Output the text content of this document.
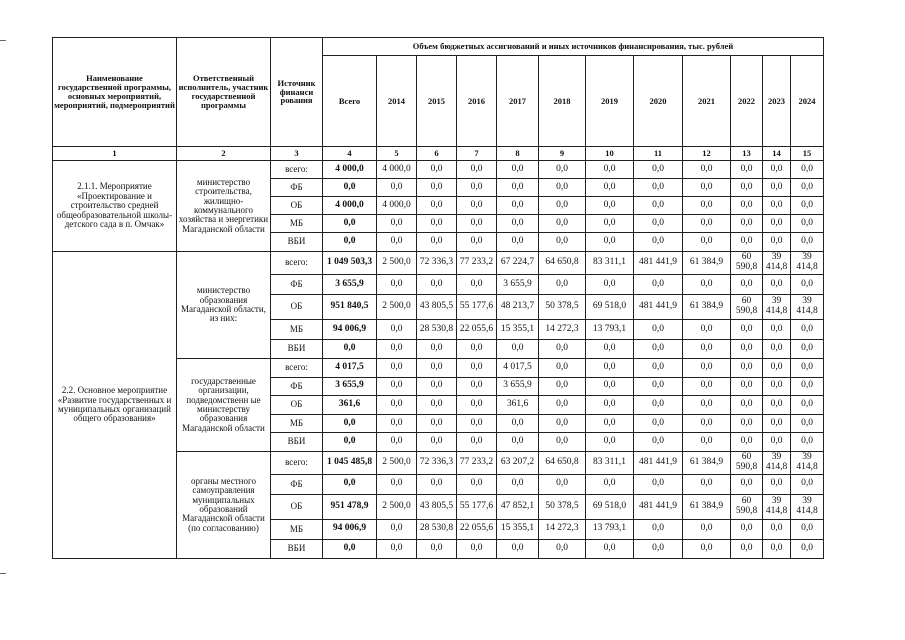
Наименование государственной программы, основных мероприятий, мероприятий, подмероприятий	Ответственный исполнитель, участник государственной программы	Источник финанси рования	Объем бюджетных ассигнований и иных источников финансирования, тыс. рублей											
			Всего	2014	2015	2016	2017	2018	2019	2020	2021	2022	2023	2024
1	2	3	4	5	6	7	8	9	10	11	12	13	14	15
2.1.1. Мероприятие «Проектирование и строительство средней общеобразовательной школы-детского сада в п. Омчак»	министерство строительства, жилищно-коммунального хозяйства и энергетики Магаданской области	всего:	4 000,0	4 000,0	0,0	0,0	0,0	0,0	0,0	0,0	0,0	0,0	0,0	0,0
		ФБ	0,0	0,0	0,0	0,0	0,0	0,0	0,0	0,0	0,0	0,0	0,0	0,0
		ОБ	4 000,0	4 000,0	0,0	0,0	0,0	0,0	0,0	0,0	0,0	0,0	0,0	0,0
		МБ	0,0	0,0	0,0	0,0	0,0	0,0	0,0	0,0	0,0	0,0	0,0	0,0
		ВБИ	0,0	0,0	0,0	0,0	0,0	0,0	0,0	0,0	0,0	0,0	0,0	0,0
2.2. Основное мероприятие «Развитие государственных и муниципальных организаций общего образования»	министерство образования Магаданской области, из них:	всего:	1 049 503,3	2 500,0	72 336,3	77 233,2	67 224,7	64 650,8	83 311,1	481 441,9	61 384,9	60 590,8	39 414,8	39 414,8
		ФБ	3 655,9	0,0	0,0	0,0	3 655,9	0,0	0,0	0,0	0,0	0,0	0,0	0,0
		ОБ	951 840,5	2 500,0	43 805,5	55 177,6	48 213,7	50 378,5	69 518,0	481 441,9	61 384,9	60 590,8	39 414,8	39 414,8
		МБ	94 006,9	0,0	28 530,8	22 055,6	15 355,1	14 272,3	13 793,1	0,0	0,0	0,0	0,0	0,0
		ВБИ	0,0	0,0	0,0	0,0	0,0	0,0	0,0	0,0	0,0	0,0	0,0	0,0
	государственные организации, подведомственн ые министерству образования Магаданской области	всего:	4 017,5	0,0	0,0	0,0	4 017,5	0,0	0,0	0,0	0,0	0,0	0,0	0,0
		ФБ	3 655,9	0,0	0,0	0,0	3 655,9	0,0	0,0	0,0	0,0	0,0	0,0	0,0
		ОБ	361,6	0,0	0,0	0,0	361,6	0,0	0,0	0,0	0,0	0,0	0,0	0,0
		МБ	0,0	0,0	0,0	0,0	0,0	0,0	0,0	0,0	0,0	0,0	0,0	0,0
		ВБИ	0,0	0,0	0,0	0,0	0,0	0,0	0,0	0,0	0,0	0,0	0,0	0,0
	органы местного самоуправления муниципальных образований Магаданской области (по согласованию)	всего:	1 045 485,8	2 500,0	72 336,3	77 233,2	63 207,2	64 650,8	83 311,1	481 441,9	61 384,9	60 590,8	39 414,8	39 414,8
		ФБ	0,0	0,0	0,0	0,0	0,0	0,0	0,0	0,0	0,0	0,0	0,0	0,0
		ОБ	951 478,9	2 500,0	43 805,5	55 177,6	47 852,1	50 378,5	69 518,0	481 441,9	61 384,9	60 590,8	39 414,8	39 414,8
		МБ	94 006,9	0,0	28 530,8	22 055,6	15 355,1	14 272,3	13 793,1	0,0	0,0	0,0	0,0	0,0
		ВБИ	0,0	0,0	0,0	0,0	0,0	0,0	0,0	0,0	0,0	0,0	0,0	0,0
